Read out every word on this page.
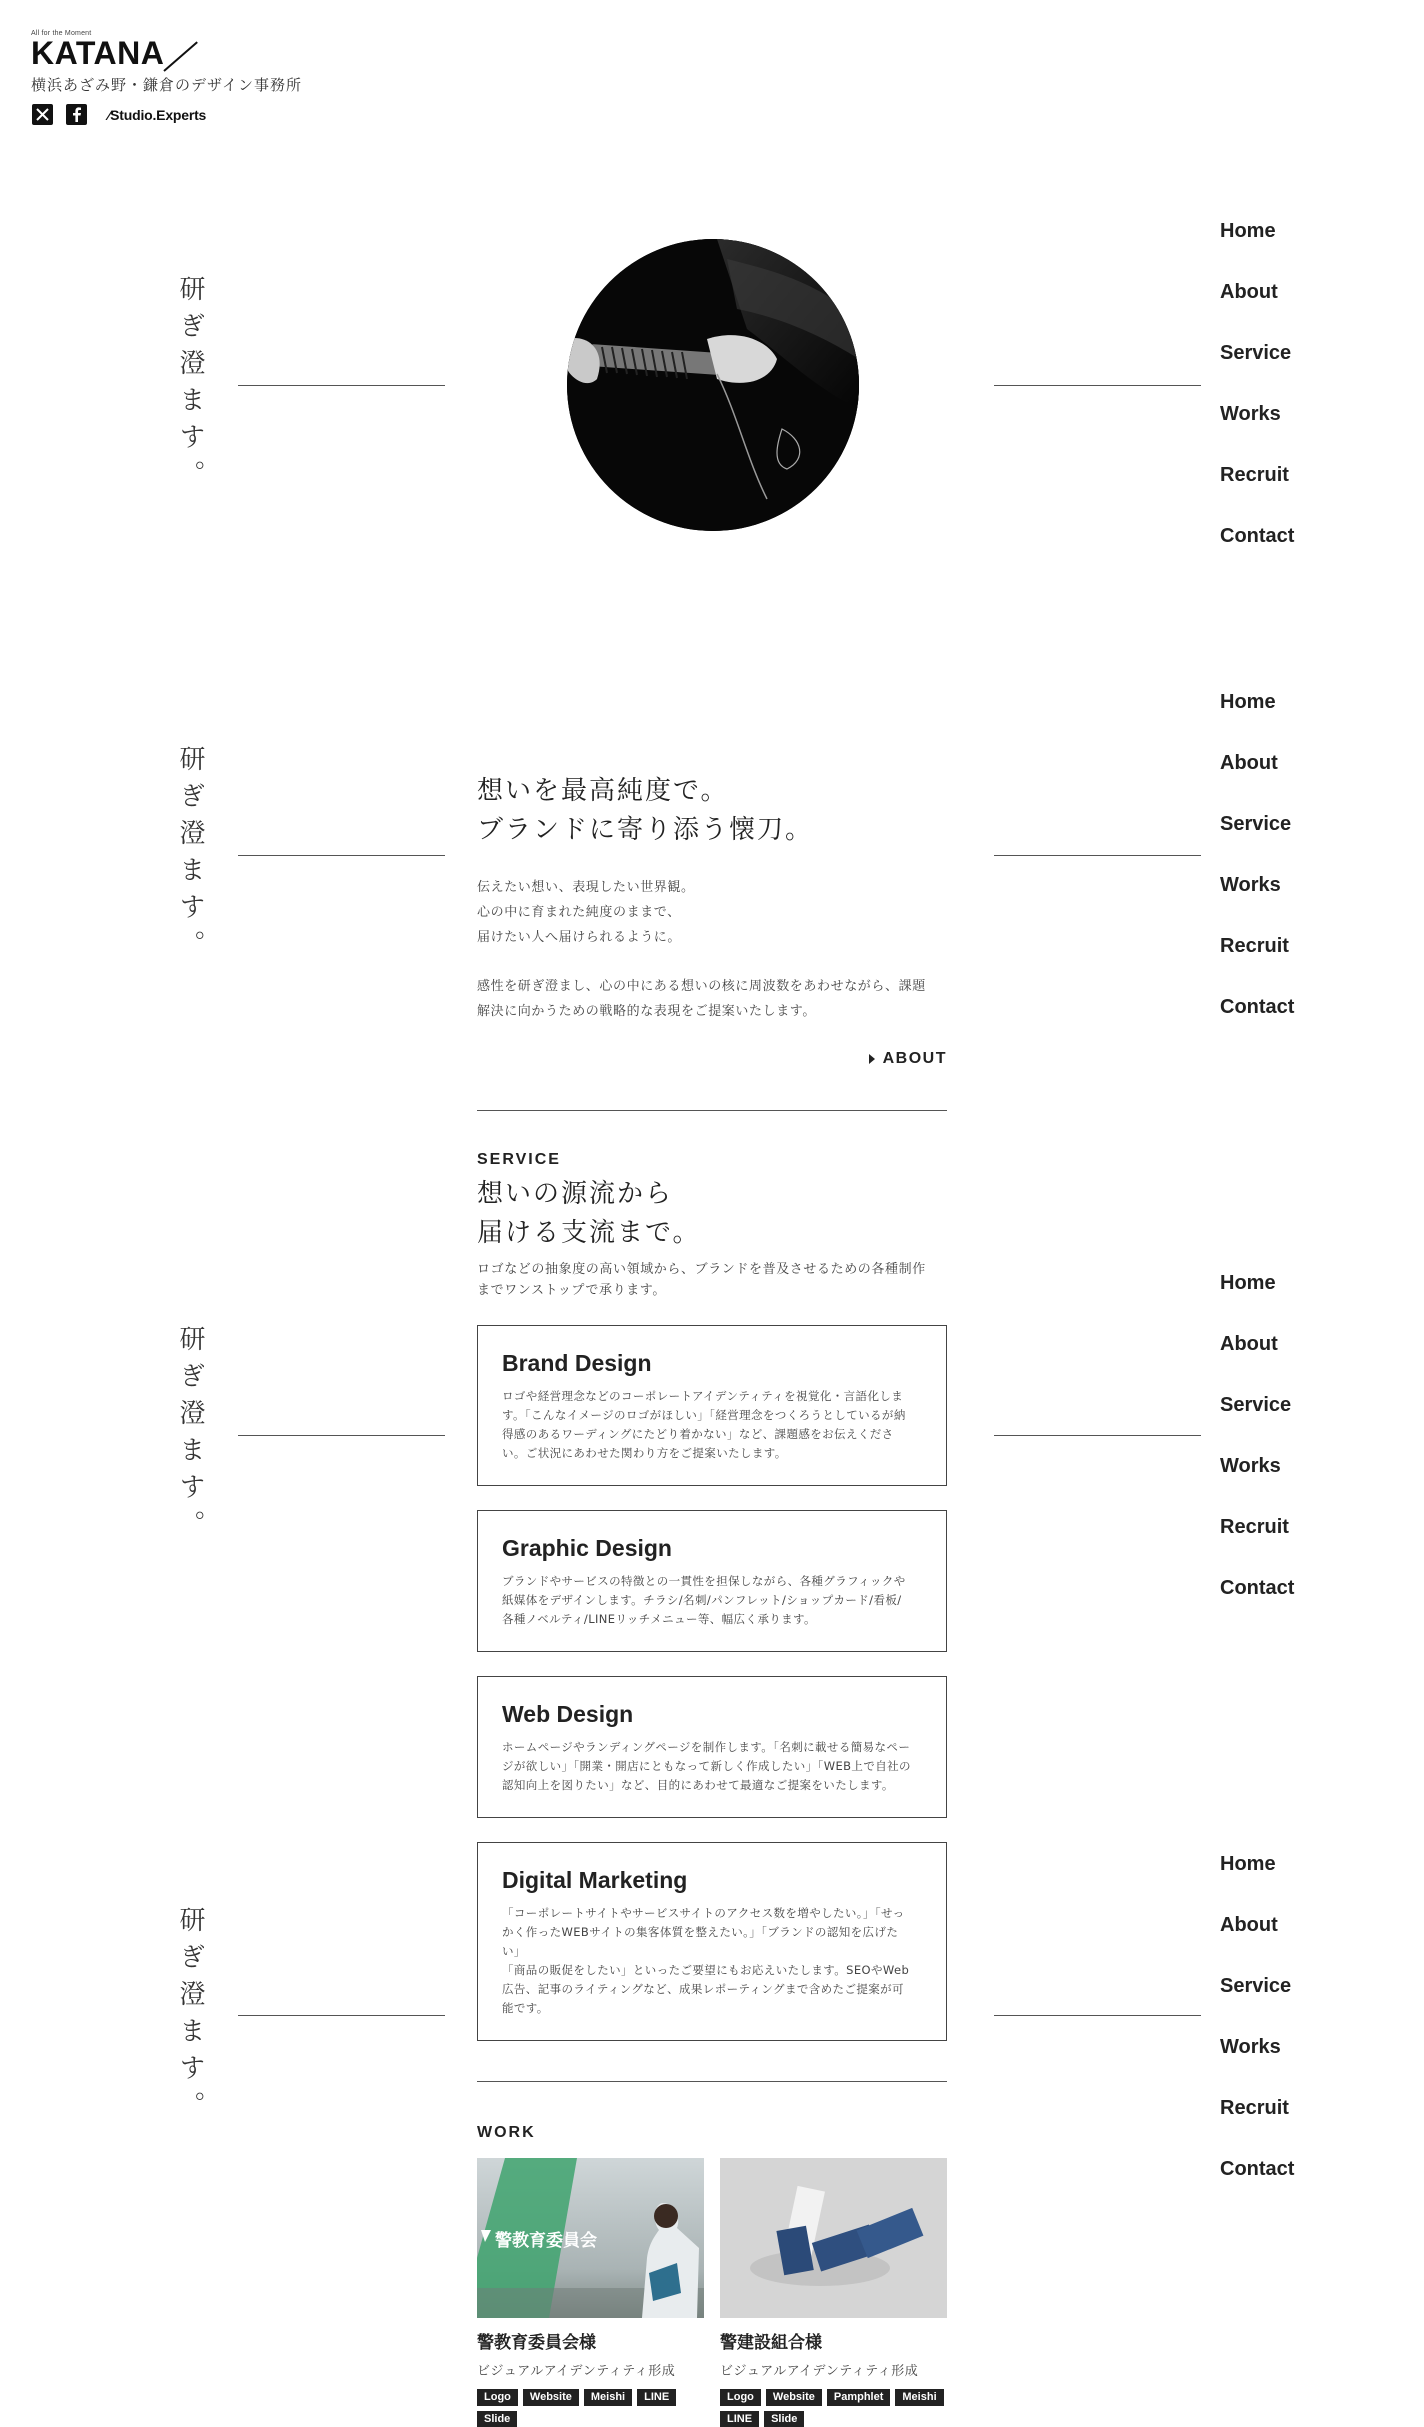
All for the Moment
KATANA
横浜あざみ野・鎌倉のデザイン事務所
⁄Studio.Experts
研ぎ澄ます。
Home
About
Service
Works
Recruit
Contact
研ぎ澄ます。
Home
About
Service
Works
Recruit
Contact
研ぎ澄ます。
Home
About
Service
Works
Recruit
Contact
研ぎ澄ます。
Home
About
Service
Works
Recruit
Contact
想いを最高純度で。
ブランドに寄り添う懐刀。
伝えたい想い、表現したい世界観。
心の中に育まれた純度のままで、
届けたい人へ届けられるように。
感性を研ぎ澄まし、心の中にある想いの核に周波数をあわせながら、課題
解決に向かうための戦略的な表現をご提案いたします。
ABOUT
SERVICE
想いの源流から
届ける支流まで。
ロゴなどの抽象度の高い領域から、ブランドを普及させるための各種制作
までワンストップで承ります。
Brand Design

ロゴや経営理念などのコーポレートアイデンティティを視覚化・言語化しま
す。「こんなイメージのロゴがほしい」「経営理念をつくろうとしているが納
得感のあるワーディングにたどり着かない」など、課題感をお伝えくださ
い。ご状況にあわせた関わり方をご提案いたします。

Graphic Design

ブランドやサービスの特徴との一貫性を担保しながら、各種グラフィックや
紙媒体をデザインします。チラシ/名刺/パンフレット/ショップカード/看板/
各種ノベルティ/LINEリッチメニュー等、幅広く承ります。

Web Design

ホームページやランディングページを制作します。「名刺に載せる簡易なペー
ジが欲しい」「開業・開店にともなって新しく作成したい」「WEB上で自社の
認知向上を図りたい」など、目的にあわせて最適なご提案をいたします。

Digital Marketing

「コーポレートサイトやサービスサイトのアクセス数を増やしたい。」「せっ
かく作ったWEBサイトの集客体質を整えたい。」「ブランドの認知を広げたい」
「商品の販促をしたい」といったご要望にもお応えいたします。SEOやWeb
広告、記事のライティングなど、成果レポーティングまで含めたご提案が可
能です。

WORK
警教育委員会
警教育委員会様
ビジュアルアイデンティティ形成
Logo	Website	Meishi	LINE
Slide
警建設組合様
ビジュアルアイデンティティ形成
Logo	Website	Pamphlet	Meishi
LINE	Slide
